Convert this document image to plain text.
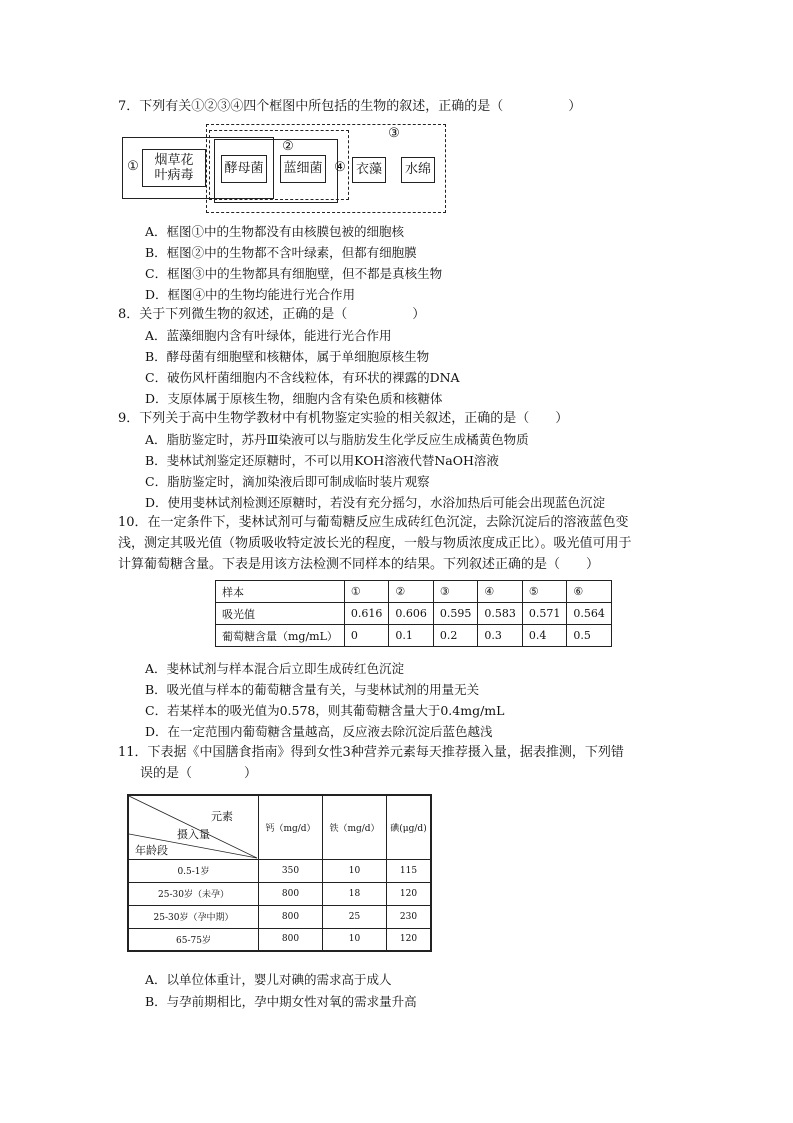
7．下列有关①②③④四个框图中所包括的生物的叙述，正确的是（　　　　　）
①	烟草花叶病毒
②
酵母菌 蓝细菌
③
④ 衣藻	水绵
A．框图①中的生物都没有由核膜包被的细胞核
B．框图②中的生物都不含叶绿素，但都有细胞膜
C．框图③中的生物都具有细胞壁，但不都是真核生物
D．框图④中的生物均能进行光合作用
8．关于下列微生物的叙述，正确的是（　　　　　）
A．蓝藻细胞内含有叶绿体，能进行光合作用
B．酵母菌有细胞壁和核糖体，属于单细胞原核生物
C．破伤风杆菌细胞内不含线粒体，有环状的裸露的DNA
D．支原体属于原核生物，细胞内含有染色质和核糖体
9．下列关于高中生物学教材中有机物鉴定实验的相关叙述，正确的是（　　）
A．脂肪鉴定时，苏丹Ⅲ染液可以与脂肪发生化学反应生成橘黄色物质
B．斐林试剂鉴定还原糖时，不可以用KOH溶液代替NaOH溶液
C．脂肪鉴定时，滴加染液后即可制成临时装片观察
D．使用斐林试剂检测还原糖时，若没有充分摇匀，水浴加热后可能会出现蓝色沉淀
10．在一定条件下，斐林试剂可与葡萄糖反应生成砖红色沉淀，去除沉淀后的溶液蓝色变
浅，测定其吸光值（物质吸收特定波长光的程度，一般与物质浓度成正比）。吸光值可用于
计算葡萄糖含量。下表是用该方法检测不同样本的结果。下列叙述正确的是（　　）
样本	①	②	③	④	⑤	⑥
吸光值	0.616	0.606	0.595	0.583	0.571	0.564
葡萄糖含量（mg/mL）	0	0.1	0.2	0.3	0.4	0.5
A．斐林试剂与样本混合后立即生成砖红色沉淀
B．吸光值与样本的葡萄糖含量有关，与斐林试剂的用量无关
C．若某样本的吸光值为0.578，则其葡萄糖含量大于0.4mg/mL
D．在一定范围内葡萄糖含量越高，反应液去除沉淀后蓝色越浅
11．下表据《中国膳食指南》得到女性3种营养元素每天推荐摄入量，据表推测，下列错
误的是（　　　　）
元素
摄入量
年龄段	钙（mg/d）	铁（mg/d）	碘(μg/d)
0.5-1岁	350	10	115
25-30岁（未孕）	800	18	120
25-30岁（孕中期）	800	25	230
65-75岁	800	10	120
A．以单位体重计，婴儿对碘的需求高于成人
B．与孕前期相比，孕中期女性对氧的需求量升高
